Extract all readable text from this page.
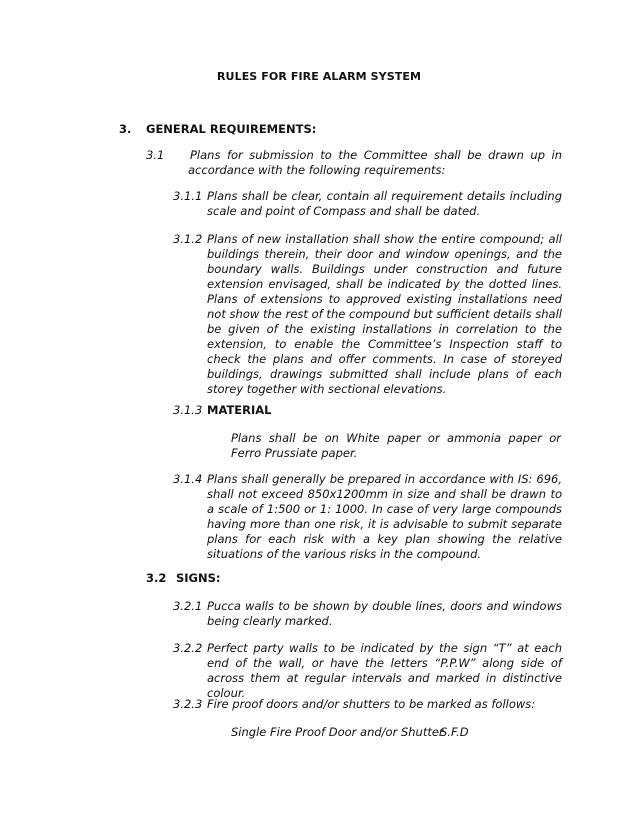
RULES FOR FIRE ALARM SYSTEM
3. GENERAL REQUIREMENTS:
3.1 Plans for submission to the Committee shall be drawn up in accordance with the following requirements:

3.1.1 Plans shall be clear, contain all requirement details including scale and point of Compass and shall be dated.

3.1.2 Plans of new installation shall show the entire compound; all buildings therein, their door and window openings, and the boundary walls. Buildings under construction and future extension envisaged, shall be indicated by the dotted lines. Plans of extensions to approved existing installations need not show the rest of the compound but sufficient details shall be given of the existing installations in correlation to the extension, to enable the Committee’s Inspection staff to check the plans and offer comments. In case of storeyed buildings, drawings submitted shall include plans of each storey together with sectional elevations.

3.1.3 MATERIAL

Plans shall be on White paper or ammonia paper or Ferro Prussiate paper.

3.1.4 Plans shall generally be prepared in accordance with IS: 696, shall not exceed 850x1200mm in size and shall be drawn to a scale of 1:500 or 1: 1000. In case of very large compounds having more than one risk, it is advisable to submit separate plans for each risk with a key plan showing the relative situations of the various risks in the compound.

3.2 SIGNS:
3.2.1 Pucca walls to be shown by double lines, doors and windows being clearly marked.

3.2.2 Perfect party walls to be indicated by the sign “T” at each end of the wall, or have the letters “P.P.W” along side of across them at regular intervals and marked in distinctive colour.

3.2.3 Fire proof doors and/or shutters to be marked as follows:

Single Fire Proof Door and/or Shutter
S.F.D
